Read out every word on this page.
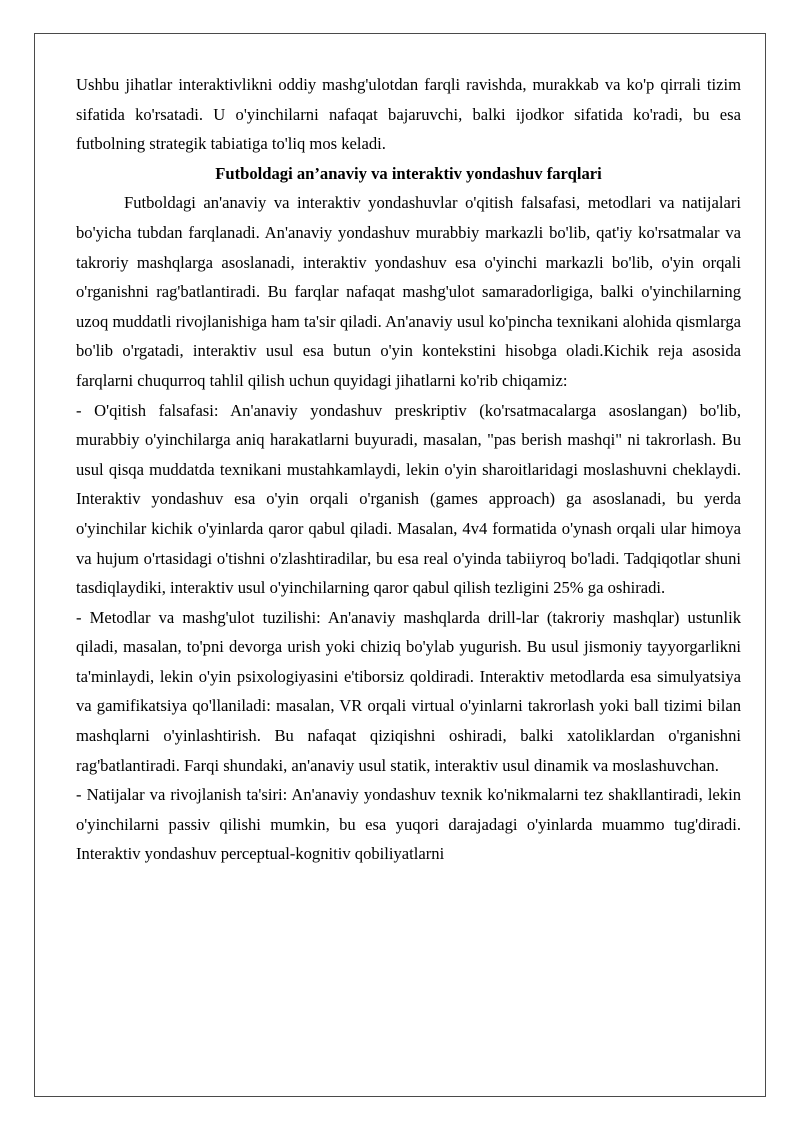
Ushbu jihatlar interaktivlikni oddiy mashg'ulotdan farqli ravishda, murakkab va ko'p qirrali tizim sifatida ko'rsatadi. U o'yinchilarni nafaqat bajaruvchi, balki ijodkor sifatida ko'radi, bu esa futbolning strategik tabiatiga to'liq mos keladi.

Futboldagi an’anaviy va interaktiv yondashuv farqlari

Futboldagi an'anaviy va interaktiv yondashuvlar o'qitish falsafasi, metodlari va natijalari bo'yicha tubdan farqlanadi. An'anaviy yondashuv murabbiy markazli bo'lib, qat'iy ko'rsatmalar va takroriy mashqlarga asoslanadi, interaktiv yondashuv esa o'yinchi markazli bo'lib, o'yin orqali o'rganishni rag'batlantiradi. Bu farqlar nafaqat mashg'ulot samaradorligiga, balki o'yinchilarning uzoq muddatli rivojlanishiga ham ta'sir qiladi. An'anaviy usul ko'pincha texnikani alohida qismlarga bo'lib o'rgatadi, interaktiv usul esa butun o'yin kontekstini hisobga oladi.Kichik reja asosida farqlarni chuqurroq tahlil qilish uchun quyidagi jihatlarni ko'rib chiqamiz:

- O'qitish falsafasi: An'anaviy yondashuv preskriptiv (ko'rsatmacalarga asoslangan) bo'lib, murabbiy o'yinchilarga aniq harakatlarni buyuradi, masalan, "pas berish mashqi" ni takrorlash. Bu usul qisqa muddatda texnikani mustahkamlaydi, lekin o'yin sharoitlaridagi moslashuvni cheklaydi. Interaktiv yondashuv esa o'yin orqali o'rganish (games approach) ga asoslanadi, bu yerda o'yinchilar kichik o'yinlarda qaror qabul qiladi. Masalan, 4v4 formatida o'ynash orqali ular himoya va hujum o'rtasidagi o'tishni o'zlashtiradilar, bu esa real o'yinda tabiiyroq bo'ladi. Tadqiqotlar shuni tasdiqlaydiki, interaktiv usul o'yinchilarning qaror qabul qilish tezligini 25% ga oshiradi.

- Metodlar va mashg'ulot tuzilishi: An'anaviy mashqlarda drill-lar (takroriy mashqlar) ustunlik qiladi, masalan, to'pni devorga urish yoki chiziq bo'ylab yugurish. Bu usul jismoniy tayyorgarlikni ta'minlaydi, lekin o'yin psixologiyasini e'tiborsiz qoldiradi. Interaktiv metodlarda esa simulyatsiya va gamifikatsiya qo'llaniladi: masalan, VR orqali virtual o'yinlarni takrorlash yoki ball tizimi bilan mashqlarni o'yinlashtirish. Bu nafaqat qiziqishni oshiradi, balki xatoliklardan o'rganishni rag'batlantiradi. Farqi shundaki, an'anaviy usul statik, interaktiv usul dinamik va moslashuvchan.

- Natijalar va rivojlanish ta'siri: An'anaviy yondashuv texnik ko'nikmalarni tez shakllantiradi, lekin o'yinchilarni passiv qilishi mumkin, bu esa yuqori darajadagi o'yinlarda muammo tug'diradi. Interaktiv yondashuv perceptual-kognitiv qobiliyatlarni
